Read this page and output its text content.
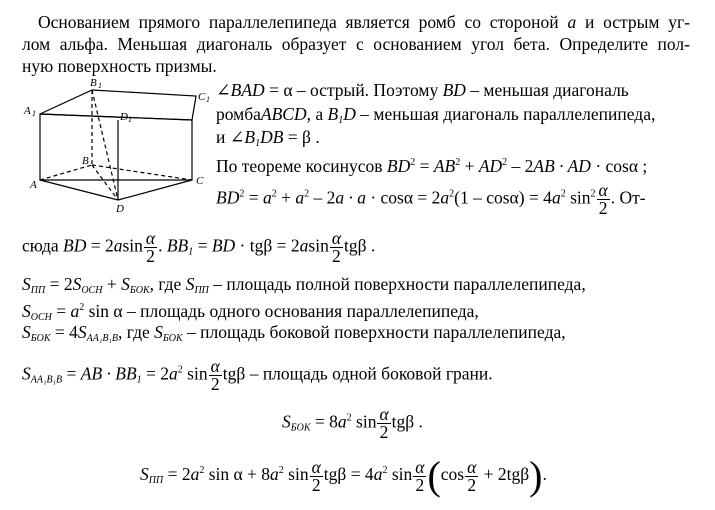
Основанием прямого параллелепипеда является ромб со стороной a и острым уг-
лом альфа. Меньшая диагональ образует с основанием угол бета. Определите пол-
ную поверхность призмы.
B 1
A 1
C 1
D 1
B
A	C
D
∠BAD = α – острый. Поэтому BD – меньшая диагональ
ромбаABCD, а $B_1D$ – меньшая диагональ параллелепипеда,
и $\angle B_1DB = \beta$ .
По теореме косинусов $BD^2 = AB^2 + AD^2 - 2AB$ · AD · cosα ;
$BD^2 = a^2 + a^2 - 2a \cdot a \cdot \cos\alpha = 2a^2(1 - \cos\alpha) = 4a^2$ $\sin^2 \frac{\alpha}{2}$ . От-
сюда BD = $2asin \frac{\alpha}{2}$ . $BB_1$ = BD · $tg\beta = 2asin \frac{\alpha}{2}$ tgβ .
$S_{ПП} = 2S_{ОСН} + S_{БОК}$, где $S_{ПП}$ – площадь полной поверхности параллелепипеда,
$S_{ОСН} = a^2$ sin α – площадь одного основания параллелепипеда,
$S_{БОК} = 4S_{AA_1B_1B}$, где $S_{БОК}$ – площадь боковой поверхности параллелепипеда,
$S_{AA_1B_1B}$ = AB · $BB_1 = 2a^2$ $\sin \frac{\alpha}{2}$ tgβ – площадь одной боковой грани.
$S_{БОК} = 8a^2$ $\sin \frac{\alpha}{2}$ tgβ .
$S_{ПП} = 2a^2$ $\sin \alpha + 8a^2$ $\sin \frac{\alpha}{2}$ $tg\beta = 4a^2$ $\sin \frac{\alpha}{2} (\cos \frac{\alpha}{2} + 2tg\beta)$.
